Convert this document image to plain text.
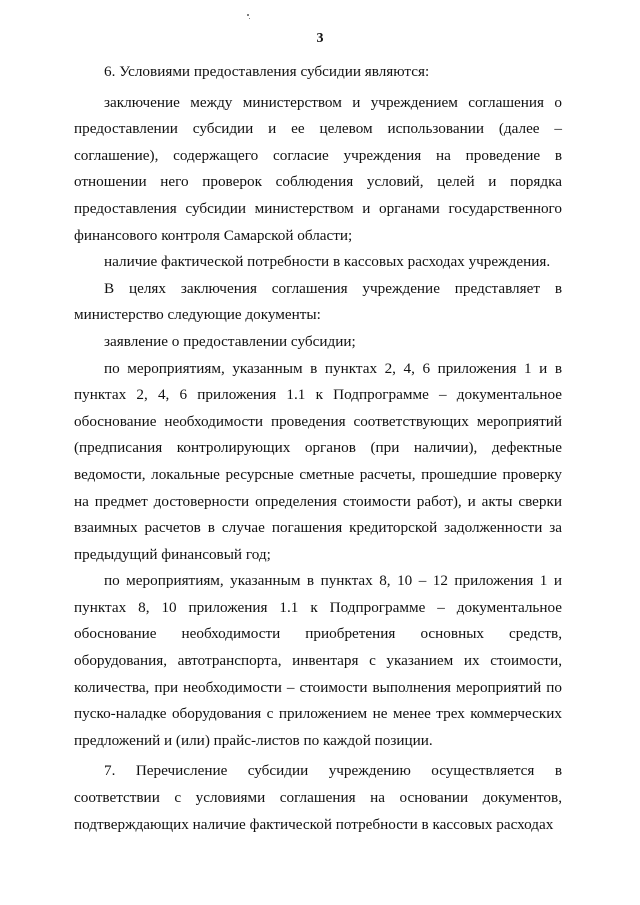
3

6. Условиями предоставления субсидии являются:

заключение между министерством и учреждением соглашения о предоставлении субсидии и ее целевом использовании (далее – соглашение), содержащего согласие учреждения на проведение в отношении него проверок соблюдения условий, целей и порядка предоставления субсидии министерством и органами государственного финансового контроля Самарской области;

наличие фактической потребности в кассовых расходах учреждения.

В целях заключения соглашения учреждение представляет в министерство следующие документы:

заявление о предоставлении субсидии;

по мероприятиям, указанным в пунктах 2, 4, 6 приложения 1 и в пунктах 2, 4, 6 приложения 1.1 к Подпрограмме – документальное обоснование необходимости проведения соответствующих мероприятий (предписания контролирующих органов (при наличии), дефектные ведомости, локальные ресурсные сметные расчеты, прошедшие проверку на предмет достоверности определения стоимости работ), и акты сверки взаимных расчетов в случае погашения кредиторской задолженности за предыдущий финансовый год;

по мероприятиям, указанным в пунктах 8, 10 – 12 приложения 1 и пунктах 8, 10 приложения 1.1 к Подпрограмме – документальное обоснование необходимости приобретения основных средств, оборудования, автотранспорта, инвентаря с указанием их стоимости, количества, при необходимости – стоимости выполнения мероприятий по пуско-наладке оборудования с приложением не менее трех коммерческих предложений и (или) прайс-листов по каждой позиции.

7. Перечисление субсидии учреждению осуществляется в соответствии с условиями соглашения на основании документов, подтверждающих наличие фактической потребности в кассовых расходах
